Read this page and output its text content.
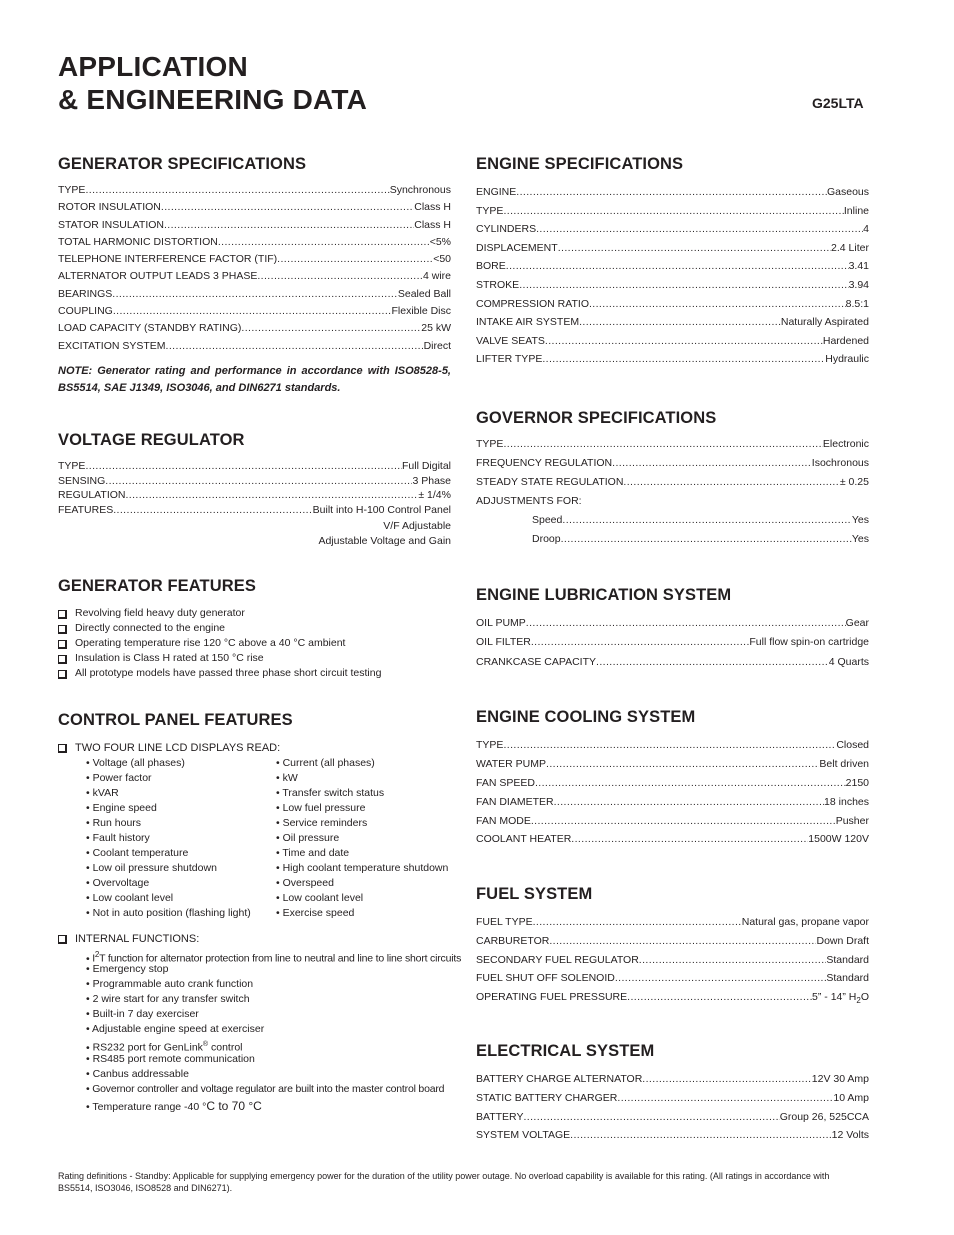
APPLICATION
& ENGINEERING DATA	G25LTA
GENERATOR SPECIFICATIONS
TYPE .....	Synchronous
ROTOR INSULATION .....	Class H
STATOR INSULATION .....	Class H
TOTAL HARMONIC DISTORTION .....	<5%
TELEPHONE INTERFERENCE FACTOR (TIF) .....	<50
ALTERNATOR OUTPUT LEADS 3 PHASE .....	4 wire
BEARINGS .....	Sealed Ball
COUPLING .....	Flexible Disc
LOAD CAPACITY (STANDBY RATING) .....	25 kW
EXCITATION SYSTEM .....	Direct

NOTE: Generator rating and performance in accordance with ISO8528-5, BS5514, SAE J1349, ISO3046, and DIN6271 standards.

VOLTAGE REGULATOR
TYPE .....	Full Digital
SENSING .....	3 Phase
REGULATION .....	± 1/4%
FEATURES .....	Built into H-100 Control Panel
V/F Adjustable
Adjustable Voltage and Gain
GENERATOR FEATURES
Revolving field heavy duty generator
Directly connected to the engine
Operating temperature rise 120 °C above a 40 °C ambient
Insulation is Class H rated at 150 °C rise
All prototype models have passed three phase short circuit testing
CONTROL PANEL FEATURES
TWO FOUR LINE LCD DISPLAYS READ:
• Voltage (all phases)
• Power factor
• kVAR
• Engine speed
• Run hours
• Fault history
• Coolant temperature
• Low oil pressure shutdown
• Overvoltage
• Low coolant level
• Not in auto position (flashing light)
• Current (all phases)
• kW
• Transfer switch status
• Low fuel pressure
• Service reminders
• Oil pressure
• Time and date
• High coolant temperature shutdown
• Overspeed
• Low coolant level
• Exercise speed
INTERNAL FUNCTIONS:
• $I^2T$ function for alternator protection from line to neutral and line to line short circuits
• Emergency stop
• Programmable auto crank function
• 2 wire start for any transfer switch
• Built-in 7 day exerciser
• Adjustable engine speed at exerciser
• RS232 port for GenLink® control
• RS485 port remote communication
• Canbus addressable
• Governor controller and voltage regulator are built into the master control board
• Temperature range -40 °C to 70 °C
ENGINE SPECIFICATIONS
ENGINE .....	Gaseous
TYPE .....	Inline
CYLINDERS .....	4
DISPLACEMENT .....	2.4 Liter
BORE .....	3.41
STROKE .....	3.94
COMPRESSION RATIO .....	8.5:1
INTAKE AIR SYSTEM .....	Naturally Aspirated
VALVE SEATS .....	Hardened
LIFTER TYPE .....	Hydraulic
GOVERNOR SPECIFICATIONS
TYPE .....	Electronic
FREQUENCY REGULATION .....	Isochronous
STEADY STATE REGULATION .....	± 0.25
ADJUSTMENTS FOR:
Speed .....	Yes
Droop .....	Yes
ENGINE LUBRICATION SYSTEM
OIL PUMP .....	Gear
OIL FILTER .....	Full flow spin-on cartridge
CRANKCASE CAPACITY .....	4 Quarts
ENGINE COOLING SYSTEM
TYPE .....	Closed
WATER PUMP .....	Belt driven
FAN SPEED .....	2150
FAN DIAMETER .....	18 inches
FAN MODE .....	Pusher
COOLANT HEATER .....	1500W 120V
FUEL SYSTEM
FUEL TYPE .....	Natural gas, propane vapor
CARBURETOR .....	Down Draft
SECONDARY FUEL REGULATOR .....	Standard
FUEL SHUT OFF SOLENOID .....	Standard
OPERATING FUEL PRESSURE .....	5” - 14” $H_2O$
ELECTRICAL SYSTEM
BATTERY CHARGE ALTERNATOR .....	12V 30 Amp
STATIC BATTERY CHARGER .....	10 Amp
BATTERY .....	Group 26, 525CCA
SYSTEM VOLTAGE .....	12 Volts
Rating definitions - Standby: Applicable for supplying emergency power for the duration of the utility power outage. No overload capability is available for this rating. (All ratings in accordance with BS5514, ISO3046, ISO8528 and DIN6271).
